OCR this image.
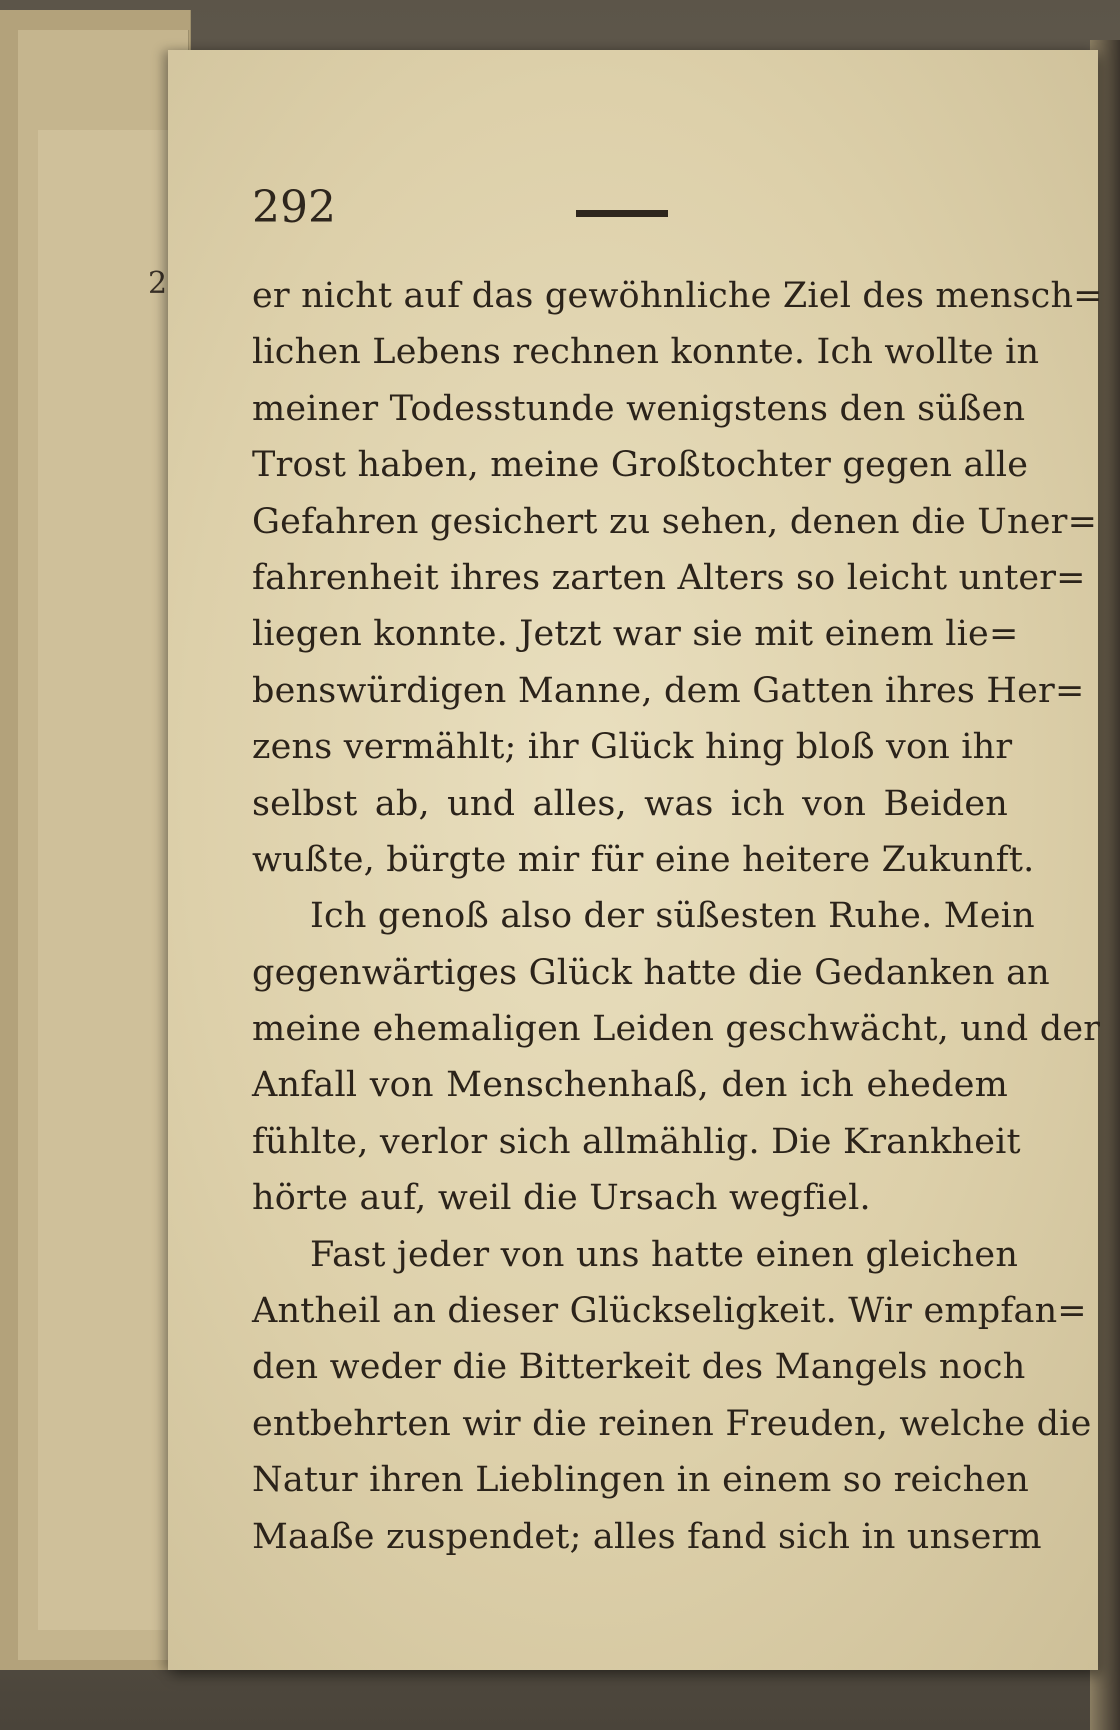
2

292

er nicht auf das gewöhnliche Ziel des mensch=
lichen Lebens rechnen konnte. Ich wollte in
meiner Todesstunde wenigstens den süßen
Trost haben, meine Großtochter gegen alle
Gefahren gesichert zu sehen, denen die Uner=
fahrenheit ihres zarten Alters so leicht unter=
liegen konnte. Jetzt war sie mit einem lie=
benswürdigen Manne, dem Gatten ihres Her=
zens vermählt; ihr Glück hing bloß von ihr
selbst ab, und alles, was ich von Beiden
wußte, bürgte mir für eine heitere Zukunft.
Ich genoß also der süßesten Ruhe. Mein
gegenwärtiges Glück hatte die Gedanken an
meine ehemaligen Leiden geschwächt, und der
Anfall von Menschenhaß, den ich ehedem
fühlte, verlor sich allmählig. Die Krankheit
hörte auf, weil die Ursach wegfiel.
Fast jeder von uns hatte einen gleichen
Antheil an dieser Glückseligkeit. Wir empfan=
den weder die Bitterkeit des Mangels noch
entbehrten wir die reinen Freuden, welche die
Natur ihren Lieblingen in einem so reichen
Maaße zuspendet; alles fand sich in unserm
